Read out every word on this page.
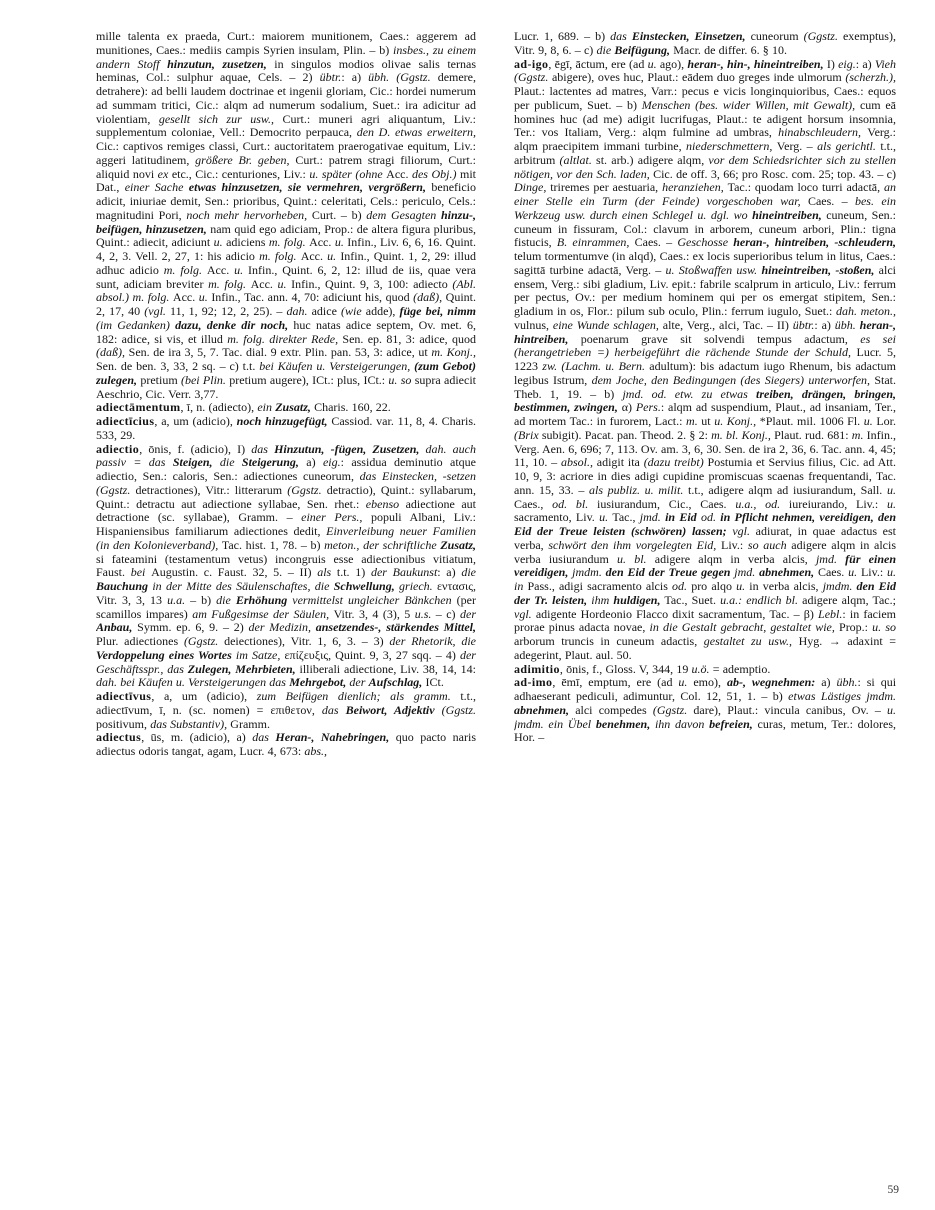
mille talenta ex praeda, Curt.: maiorem munitionem, Caes.: aggerem ad munitiones, Caes.: mediis campis Syrien insulam, Plin. – b) insbes., zu einem andern Stoff hinzutun, zusetzen, in singulos modios olivae salis ternas heminas, Col.: sulphur aquae, Cels. – 2) übtr.: a) übh. (Ggstz. demere, detrahere): ad belli laudem doctrinae et ingenii gloriam, Cic.: hordei numerum ad summam tritici, Cic.: alqm ad numerum sodalium, Suet.: ira adicitur ad violentiam, gesellt sich zur usw., Curt.: muneri agri aliquantum, Liv.: supplementum coloniae, Vell.: Democrito perpauca, den D. etwas erweitern, Cic.: captivos remiges classi, Curt.: auctoritatem praerogativae equitum, Liv.: aggeri latitudinem, größere Br. geben, Curt.: patrem stragi filiorum, Curt.: aliquid novi ex etc., Cic.: centuriones, Liv.: u. später (ohne Acc. des Obj.) mit Dat., einer Sache etwas hinzusetzen, sie vermehren, vergrößern, beneficio adicit, iniuriae demit, Sen.: prioribus, Quint.: celeritati, Cels.: periculo, Cels.: magnitudini Pori, noch mehr hervorheben, Curt. – b) dem Gesagten hinzu-, beifügen, hinzusetzen, nam quid ego adiciam, Prop.: de altera figura pluribus, Quint.: adiecit, adiciunt u. adiciens m. folg. Acc. u. Infin., Liv. 6, 6, 16. Quint. 4, 2, 3. Vell. 2, 27, 1: his adicio m. folg. Acc. u. Infin., Quint. 1, 2, 29: illud adhuc adicio m. folg. Acc. u. Infin., Quint. 6, 2, 12: illud de iis, quae vera sunt, adiciam breviter m. folg. Acc. u. Infin., Quint. 9, 3, 100: adiecto (Abl. absol.) m. folg. Acc. u. Infin., Tac. ann. 4, 70: adiciunt his, quod (daß), Quint. 2, 17, 40 (vgl. 11, 1, 92; 12, 2, 25). – dah. adice (wie adde), füge bei, nimm (im Gedanken) dazu, denke dir noch, huc natas adice septem, Ov. met. 6, 182: adice, si vis, et illud m. folg. direkter Rede, Sen. ep. 81, 3: adice, quod (daß), Sen. de ira 3, 5, 7. Tac. dial. 9 extr. Plin. pan. 53, 3: adice, ut m. Konj., Sen. de ben. 3, 33, 2 sq. – c) t.t. bei Käufen u. Versteigerungen, (zum Gebot) zulegen, pretium (bei Plin. pretium augere), ICt.: plus, ICt.: u. so supra adiecit Aeschrio, Cic. Verr. 3,77.

adiectāmentum, ī, n. (adiecto), ein Zusatz, Charis. 160, 22.

adiectīcius, a, um (adicio), noch hinzugefügt, Cassiod. var. 11, 8, 4. Charis. 533, 29.

adiectio, ōnis, f. (adicio), I) das Hinzutun, -fügen, Zusetzen, dah. auch passiv = das Steigen, die Steigerung, a) eig.: assidua deminutio atque adiectio, Sen.: caloris, Sen.: adiectiones cuneorum, das Einstecken, -setzen (Ggstz. detractiones), Vitr.: litterarum (Ggstz. detractio), Quint.: syllabarum, Quint.: detractu aut adiectione syllabae, Sen. rhet.: ebenso adiectione aut detractione (sc. syllabae), Gramm. – einer Pers., populi Albani, Liv.: Hispaniensibus familiarum adiectiones dedit, Einverleibung neuer Familien (in den Kolonieverband), Tac. hist. 1, 78. – b) meton., der schriftliche Zusatz, si fateamini (testamentum vetus) incongruis esse adiectionibus vitiatum, Faust. bei Augustin. c. Faust. 32, 5. – II) als t.t. 1) der Baukunst: a) die Bauchung in der Mitte des Säulenschaftes, die Schwellung, griech. εντασις, Vitr. 3, 3, 13 u.a. – b) die Erhöhung vermittelst ungleicher Bänkchen (per scamillos impares) am Fußgesimse der Säulen, Vitr. 3, 4 (3), 5 u.s. – c) der Anbau, Symm. ep. 6, 9. – 2) der Medizin, ansetzendes-, stärkendes Mittel, Plur. adiectiones (Ggstz. deiectiones), Vitr. 1, 6, 3. – 3) der Rhetorik, die Verdoppelung eines Wortes im Satze, επίζευξις, Quint. 9, 3, 27 sqq. – 4) der Geschäftsspr., das Zulegen, Mehrbieten, illiberali adiectione, Liv. 38, 14, 14: dah. bei Käufen u. Versteigerungen das Mehrgebot, der Aufschlag, ICt.

adiectīvus, a, um (adicio), zum Beifügen dienlich; als gramm. t.t., adiectīvum, ī, n. (sc. nomen) = επιθετον, das Beiwort, Adjektiv (Ggstz. positivum, das Substantiv), Gramm.

adiectus, ūs, m. (adicio), a) das Heran-, Nahebringen, quo pacto naris adiectus odoris tangat, agam, Lucr. 4, 673: abs.,

Lucr. 1, 689. – b) das Einstecken, Einsetzen, cuneorum (Ggstz. exemptus), Vitr. 9, 8, 6. – c) die Beifügung, Macr. de differ. 6. § 10.

ad-igo, ēgī, āctum, ere (ad u. ago), heran-, hin-, hineintreiben, I) eig.: a) Vieh (Ggstz. abigere), oves huc, Plaut.: eādem duo greges inde ulmorum (scherzh.), Plaut.: lactentes ad matres, Varr.: pecus e vicis longinquioribus, Caes.: equos per publicum, Suet. – b) Menschen (bes. wider Willen, mit Gewalt), cum eā homines huc (ad me) adigit lucrifugas, Plaut.: te adigent horsum insomnia, Ter.: vos Italiam, Verg.: alqm fulmine ad umbras, hinabschleudern, Verg.: alqm praecipitem immani turbine, niederschmettern, Verg. – als gerichtl. t.t., arbitrum (altlat. st. arb.) adigere alqm, vor dem Schiedsrichter sich zu stellen nötigen, vor den Sch. laden, Cic. de off. 3, 66; pro Rosc. com. 25; top. 43. – c) Dinge, triremes per aestuaria, heranziehen, Tac.: quodam loco turri adactā, an einer Stelle ein Turm (der Feinde) vorgeschoben war, Caes. – bes. ein Werkzeug usw. durch einen Schlegel u. dgl. wo hineintreiben, cuneum, Sen.: cuneum in fissuram, Col.: clavum in arborem, cuneum arbori, Plin.: tigna fistucis, B. einrammen, Caes. – Geschosse heran-, hintreiben, -schleudern, telum tormentumve (in alqd), Caes.: ex locis superioribus telum in litus, Caes.: sagittā turbine adactā, Verg. – u. Stoßwaffen usw. hineintreiben, -stoßen, alci ensem, Verg.: sibi gladium, Liv. epit.: fabrile scalprum in articulo, Liv.: ferrum per pectus, Ov.: per medium hominem qui per os emergat stipitem, Sen.: gladium in os, Flor.: pilum sub oculo, Plin.: ferrum iugulo, Suet.: dah. meton., vulnus, eine Wunde schlagen, alte, Verg., alci, Tac. – II) übtr.: a) übh. heran-, hintreiben, poenarum grave sit solvendi tempus adactum, es sei (herangetrieben =) herbeigeführt die rächende Stunde der Schuld, Lucr. 5, 1223 zw. (Lachm. u. Bern. adultum): bis adactum iugo Rhenum, bis adactum legibus Istrum, dem Joche, den Bedingungen (des Siegers) unterworfen, Stat. Theb. 1, 19. – b) jmd. od. etw. zu etwas treiben, drängen, bringen, bestimmen, zwingen, α) Pers.: alqm ad suspendium, Plaut., ad insaniam, Ter., ad mortem Tac.: in furorem, Lact.: m. ut u. Konj., *Plaut. mil. 1006 Fl. u. Lor. (Brix subigit). Pacat. pan. Theod. 2. § 2: m. bl. Konj., Plaut. rud. 681: m. Infin., Verg. Aen. 6, 696; 7, 113. Ov. am. 3, 6, 30. Sen. de ira 2, 36, 6. Tac. ann. 4, 45; 11, 10. – absol., adigit ita (dazu treibt) Postumia et Servius filius, Cic. ad Att. 10, 9, 3: acriore in dies adigi cupidine promiscuas scaenas frequentandi, Tac. ann. 15, 33. – als publiz. u. milit. t.t., adigere alqm ad iusiurandum, Sall. u. Caes., od. bl. iusiurandum, Cic., Caes. u.a., od. iureiurando, Liv.: u. sacramento, Liv. u. Tac., jmd. in Eid od. in Pflicht nehmen, vereidigen, den Eid der Treue leisten (schwören) lassen; vgl. adiurat, in quae adactus est verba, schwört den ihm vorgelegten Eid, Liv.: so auch adigere alqm in alcis verba iusiurandum u. bl. adigere alqm in verba alcis, jmd. für einen vereidigen, jmdm. den Eid der Treue gegen jmd. abnehmen, Caes. u. Liv.: u. in Pass., adigi sacramento alcis od. pro alqo u. in verba alcis, jmdm. den Eid der Tr. leisten, ihm huldigen, Tac., Suet. u.a.: endlich bl. adigere alqm, Tac.; vgl. adigente Hordeonio Flacco dixit sacramentum, Tac. – β) Lebl.: in faciem prorae pinus adacta novae, in die Gestalt gebracht, gestaltet wie, Prop.: u. so arborum truncis in cuneum adactis, gestaltet zu usw., Hyg. → adaxint = adegerint, Plaut. aul. 50.

adimitio, ōnis, f., Gloss. V, 344, 19 u.ö. = ademptio.

ad-imo, ēmī, emptum, ere (ad u. emo), ab-, wegnehmen: a) übh.: si qui adhaeserant pediculi, adimuntur, Col. 12, 51, 1. – b) etwas Lästiges jmdm. abnehmen, alci compedes (Ggstz. dare), Plaut.: vincula canibus, Ov. – u. jmdm. ein Übel benehmen, ihn davon befreien, curas, metum, Ter.: dolores, Hor. –

59
